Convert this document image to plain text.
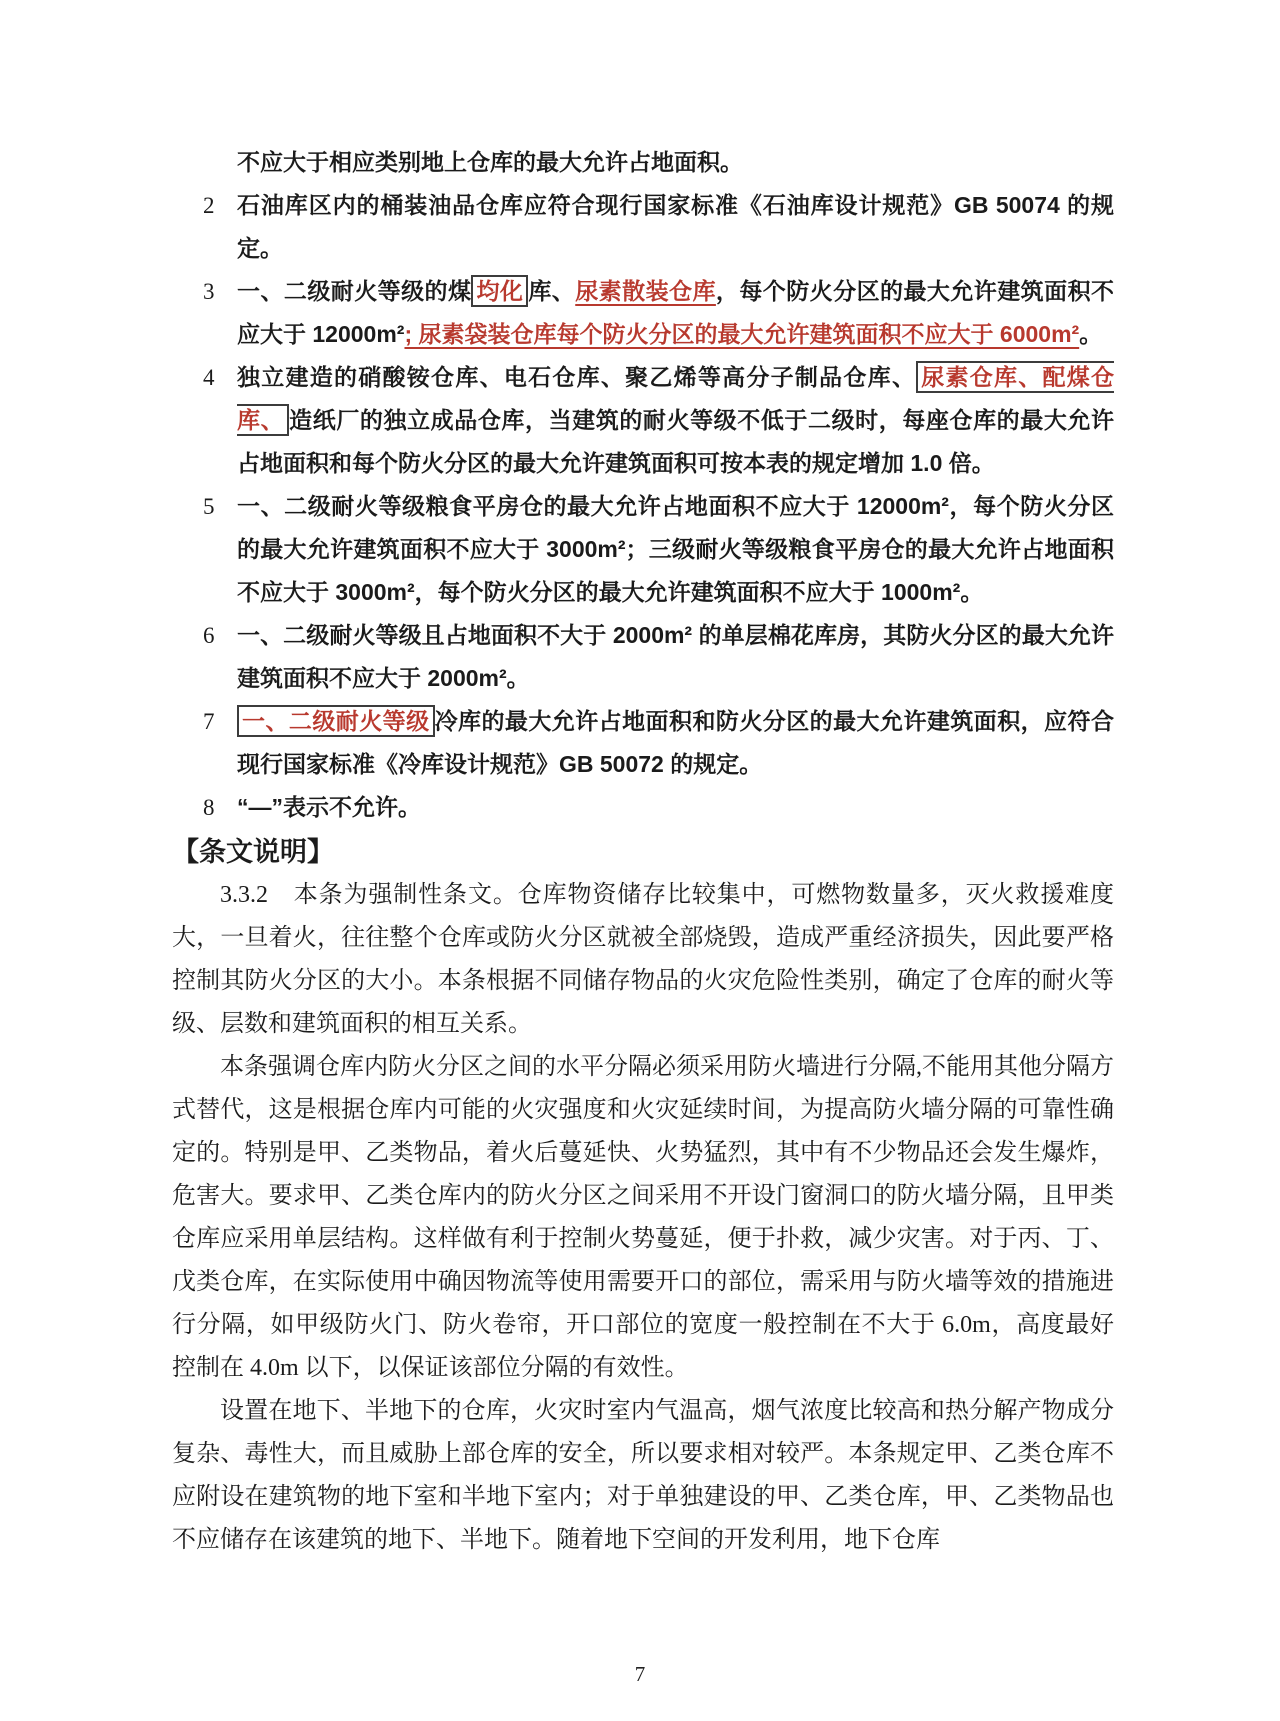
不应大于相应类别地上仓库的最大允许占地面积。
2 石油库区内的桶装油品仓库应符合现行国家标准《石油库设计规范》GB 50074 的规定。
3 一、二级耐火等级的煤 均化 库、尿素散装仓库，每个防火分区的最大允许建筑面积不应大于 12000m²; 尿素袋装仓库每个防火分区的最大允许建筑面积不应大于 6000m²。
4 独立建造的硝酸铵仓库、电石仓库、聚乙烯等高分子制品仓库、 尿素仓库、配煤仓库、 造纸厂的独立成品仓库，当建筑的耐火等级不低于二级时，每座仓库的最大允许占地面积和每个防火分区的最大允许建筑面积可按本表的规定增加 1.0 倍。
5 一、二级耐火等级粮食平房仓的最大允许占地面积不应大于 12000m²，每个防火分区的最大允许建筑面积不应大于 3000m²；三级耐火等级粮食平房仓的最大允许占地面积不应大于 3000m²，每个防火分区的最大允许建筑面积不应大于 1000m²。
6 一、二级耐火等级且占地面积不大于 2000m² 的单层棉花库房，其防火分区的最大允许建筑面积不应大于 2000m²。
7 一、二级耐火等级 冷库的最大允许占地面积和防火分区的最大允许建筑面积，应符合现行国家标准《冷库设计规范》GB 50072 的规定。
8 “—”表示不允许。
【条文说明】

3.3.2　本条为强制性条文。仓库物资储存比较集中，可燃物数量多，灭火救援难度大，一旦着火，往往整个仓库或防火分区就被全部烧毁，造成严重经济损失，因此要严格控制其防火分区的大小。本条根据不同储存物品的火灾危险性类别，确定了仓库的耐火等级、层数和建筑面积的相互关系。

本条强调仓库内防火分区之间的水平分隔必须采用防火墙进行分隔,不能用其他分隔方式替代，这是根据仓库内可能的火灾强度和火灾延续时间，为提高防火墙分隔的可靠性确定的。特别是甲、乙类物品，着火后蔓延快、火势猛烈，其中有不少物品还会发生爆炸，危害大。要求甲、乙类仓库内的防火分区之间采用不开设门窗洞口的防火墙分隔，且甲类仓库应采用单层结构。这样做有利于控制火势蔓延，便于扑救，减少灾害。对于丙、丁、戊类仓库，在实际使用中确因物流等使用需要开口的部位，需采用与防火墙等效的措施进行分隔，如甲级防火门、防火卷帘，开口部位的宽度一般控制在不大于 6.0m，高度最好控制在 4.0m 以下，以保证该部位分隔的有效性。

设置在地下、半地下的仓库，火灾时室内气温高，烟气浓度比较高和热分解产物成分复杂、毒性大，而且威胁上部仓库的安全，所以要求相对较严。本条规定甲、乙类仓库不应附设在建筑物的地下室和半地下室内；对于单独建设的甲、乙类仓库，甲、乙类物品也不应储存在该建筑的地下、半地下。随着地下空间的开发利用，地下仓库

7
